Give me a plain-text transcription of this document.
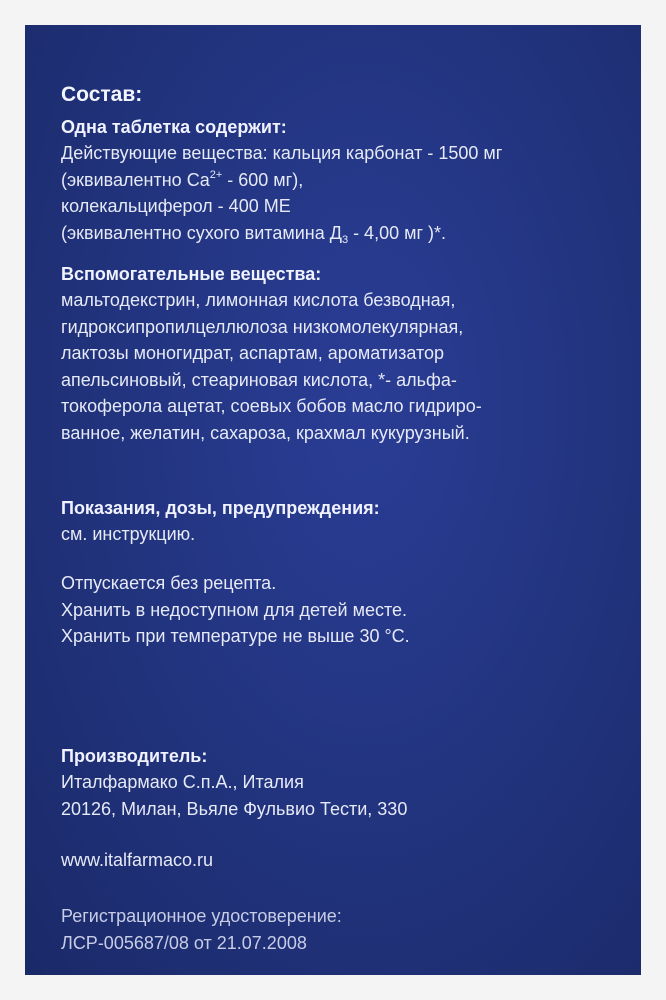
Состав:
Одна таблетка содержит:
Действующие вещества: кальция карбонат - 1500 мг
(эквивалентно $Ca^{2+} - 600$ мг),
колекальциферол - 400 МЕ
(эквивалентно сухого витамина $Д_3 - 4,00$ мг )*.
Вспомогательные вещества:
мальтодекстрин, лимонная кислота безводная,
гидроксипропилцеллюлоза низкомолекулярная,
лактозы моногидрат, аспартам, ароматизатор
апельсиновый, стеариновая кислота, *- альфа-
токоферола ацетат, соевых бобов масло гидриро-
ванное, желатин, сахароза, крахмал кукурузный.
Показания, дозы, предупреждения:
см. инструкцию.
Отпускается без рецепта.
Хранить в недоступном для детей месте.
Хранить при температуре не выше 30 °С.
Производитель:
Италфармако С.п.А., Италия
20126, Милан, Вьяле Фульвио Тести, 330
www.italfarmaco.ru
Регистрационное удостоверение:
ЛСР-005687/08 от 21.07.2008
